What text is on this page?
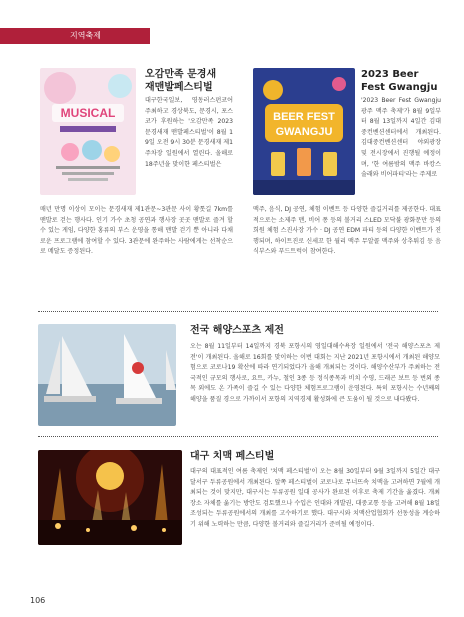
지역축제
MUSICAL
오감만족 문경새재맨발페스티벌
대구한국일보, 영동러스펀코어 주최하고 경상북도, 문경시, 포스코가 후원하는 '오감만족 2023 문경새재 맨발페스티벌'이 8월 19일 오전 9시 30분 문경새재 제1주차장 일원에서 열린다. 올해로 18주년을 맞이한 페스티벌은
매년 만명 이상이 모이는 문경새재 제1관문~3관문 사이 황톳길 7km를 맨발로 걷는 행사다. 인기 가수 초청 공연과 행사장 곳곳 맨발로 즐겨 할 수 있는 게임, 다양한 홍류의 부스 운영을 통해 맨발 걷기 뿐 아니라 다채로운 프로그램에 참여할 수 있다. 3관문에 완주하는 사람에게는 선착순으로 메달도 증정된다.
2023 Beer Fest Gwangju
BEER FEST
GWANGJU
'2023 Beer Fest Gwangju 광주 맥주 축제'가 8월 9일부터 8월 13일까지 4일간 김대중컨벤션센터에서 개최된다. 김대중컨벤션센터 야외광장 및 전시장에서 진행될 예정이며, '한 여름밤의 맥주 바캉스 술래와 비어파티'라는 주제로
맥주, 음식, DJ 공연, 체험 이벤트 등 다양한 즐길거리를 제공한다. 대표적으로는 소제주 맨, 비어 퐁 등의 볼거리 스LED 모닥불 광화문만 등의 희원 체험 스진사장 가수 · DJ 공연 EDM 파티 등의 다양한 이벤트가 진행되며, 하이트진로 신세꼬 한 월리 맥주 무알콜 맥주와 상추튀김 등 음식부스와 푸드트럭이 참여한다.
전국 해양스포츠 제전
오는 8월 11일부터 14일까지 경북 포항시의 영일대해수욕장 일원에서 '전국 해양스포츠 제전'이 개최된다. 올해로 16회를 맞이하는 이번 대회는 지난 2021년 포항시에서 개최된 해양모험으로 코로나19 확산에 따라 연기되었다가 올해 개최되는 것이다. 해양수산부가 주최하는 전국적인 규모의 행사로, 요트, 카누, 철인 3종 등 정식종목과 비치 수영, 드래곤 보트 등 번외 종목 외에도 온 가족이 즐길 수 있는 다양한 체험프로그램이 운영된다. 특히 포항시는 수년째의 해양을 품질 경으로 가까이서 포항의 지역경제 활성화에 큰 도움이 될 것으로 내다봤다.
대구 치맥 페스티벌
대구의 대표적인 여름 축제인 '치맥 페스티벌'이 오는 8월 30일부터 9월 3일까지 5일간 대구 달서구 두류공원에서 개최된다. 앞쪽 페스티벌이 코로나로 무너뜨속 치맥을 고려하면 7월에 개최되는 것이 맞지만, 대구시는 두류공원 일대 공사가 완료된 이후로 축제 기간을 옮겼다. 개최장소 자체를 옮기는 방안도 검토했으나 수입은 인대와 개발권, 대중교통 등을 고려해 8월 18일 조성되는 두류공원에서의 개최를 고수하기로 했다. 대구시와 치맥산업협회가 선동성을 계승하기 위해 노력하는 만큼, 다양한 볼거리와 즐길거리가 준비될 예정이다.
106
